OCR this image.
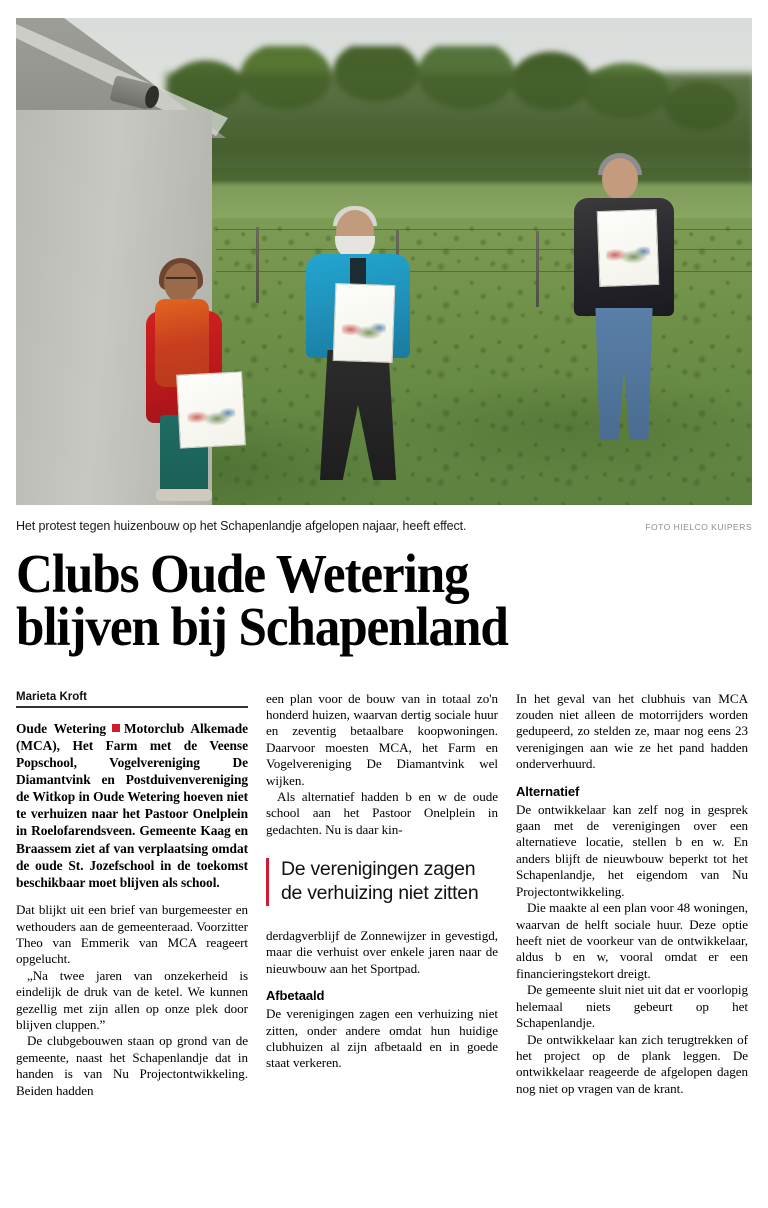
Het protest tegen huizenbouw op het Schapenlandje afgelopen najaar, heeft effect.	FOTO HIELCO KUIPERS
Clubs Oude Wetering
blijven bij Schapenland
Marieta Kroft

Oude Wetering Motorclub Alkemade (MCA), Het Farm met de Veense Popschool, Vogelvereniging De Diamantvink en Postduivenvereniging de Witkop in Oude Wetering hoeven niet te verhuizen naar het Pastoor Onelplein in Roelofarendsveen. Gemeente Kaag en Braassem ziet af van verplaatsing omdat de oude St. Jozefschool in de toekomst beschikbaar moet blijven als school.

Dat blijkt uit een brief van burgemeester en wethouders aan de gemeenteraad. Voorzitter Theo van Emmerik van MCA reageert opgelucht.

„Na twee jaren van onzekerheid is eindelijk de druk van de ketel. We kunnen gezellig met zijn allen op onze plek door blijven cluppen.”

De clubgebouwen staan op grond van de gemeente, naast het Schapenlandje dat in handen is van Nu Projectontwikkeling. Beiden hadden

een plan voor de bouw van in totaal zo'n honderd huizen, waarvan dertig sociale huur en zeventig betaalbare koopwoningen. Daarvoor moesten MCA, het Farm en Vogelvereniging De Diamantvink wel wijken.

Als alternatief hadden b en w de oude school aan het Pastoor Onelplein in gedachten. Nu is daar kin-

De verenigingen zagen de verhuizing niet zitten

derdagverblijf de Zonnewijzer in gevestigd, maar die verhuist over enkele jaren naar de nieuwbouw aan het Sportpad.

Afbetaald

De verenigingen zagen een verhuizing niet zitten, onder andere omdat hun huidige clubhuizen al zijn afbetaald en in goede staat verkeren.

In het geval van het clubhuis van MCA zouden niet alleen de motorrijders worden gedupeerd, zo stelden ze, maar nog eens 23 verenigingen aan wie ze het pand hadden onderverhuurd.

Alternatief

De ontwikkelaar kan zelf nog in gesprek gaan met de verenigingen over een alternatieve locatie, stellen b en w. En anders blijft de nieuwbouw beperkt tot het Schapenlandje, het eigendom van Nu Projectontwikkeling.

Die maakte al een plan voor 48 woningen, waarvan de helft sociale huur. Deze optie heeft niet de voorkeur van de ontwikkelaar, aldus b en w, vooral omdat er een financieringstekort dreigt.

De gemeente sluit niet uit dat er voorlopig helemaal niets gebeurt op het Schapenlandje.

De ontwikkelaar kan zich terugtrekken of het project op de plank leggen. De ontwikkelaar reageerde de afgelopen dagen nog niet op vragen van de krant.
